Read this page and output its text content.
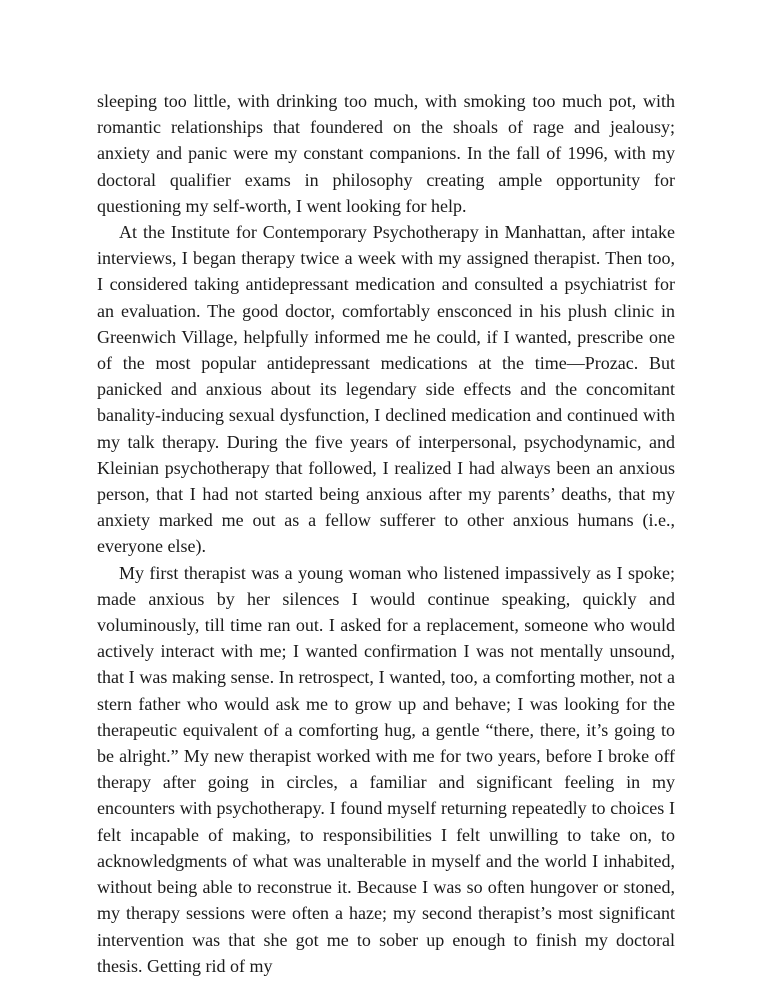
sleeping too little, with drinking too much, with smoking too much pot, with romantic relationships that foundered on the shoals of rage and jealousy; anxiety and panic were my constant companions. In the fall of 1996, with my doctoral qualifier exams in philosophy creating ample opportunity for questioning my self-worth, I went looking for help.

At the Institute for Contemporary Psychotherapy in Manhattan, after intake interviews, I began therapy twice a week with my assigned therapist. Then too, I considered taking antidepressant medication and consulted a psychiatrist for an evaluation. The good doctor, comfortably ensconced in his plush clinic in Greenwich Village, helpfully informed me he could, if I wanted, prescribe one of the most popular antidepressant medications at the time—Prozac. But panicked and anxious about its legendary side effects and the concomitant banality-inducing sexual dysfunction, I declined medication and continued with my talk therapy. During the five years of interpersonal, psychodynamic, and Kleinian psychotherapy that followed, I realized I had always been an anxious person, that I had not started being anxious after my parents’ deaths, that my anxiety marked me out as a fellow sufferer to other anxious humans (i.e., everyone else).

My first therapist was a young woman who listened impassively as I spoke; made anxious by her silences I would continue speaking, quickly and voluminously, till time ran out. I asked for a replacement, someone who would actively interact with me; I wanted confirmation I was not mentally unsound, that I was making sense. In retrospect, I wanted, too, a comforting mother, not a stern father who would ask me to grow up and behave; I was looking for the therapeutic equivalent of a comforting hug, a gentle “there, there, it’s going to be alright.” My new therapist worked with me for two years, before I broke off therapy after going in circles, a familiar and significant feeling in my encounters with psychotherapy. I found myself returning repeatedly to choices I felt incapable of making, to responsibilities I felt unwilling to take on, to acknowledgments of what was unalterable in myself and the world I inhabited, without being able to reconstrue it. Because I was so often hungover or stoned, my therapy sessions were often a haze; my second therapist’s most significant intervention was that she got me to sober up enough to finish my doctoral thesis. Getting rid of my
